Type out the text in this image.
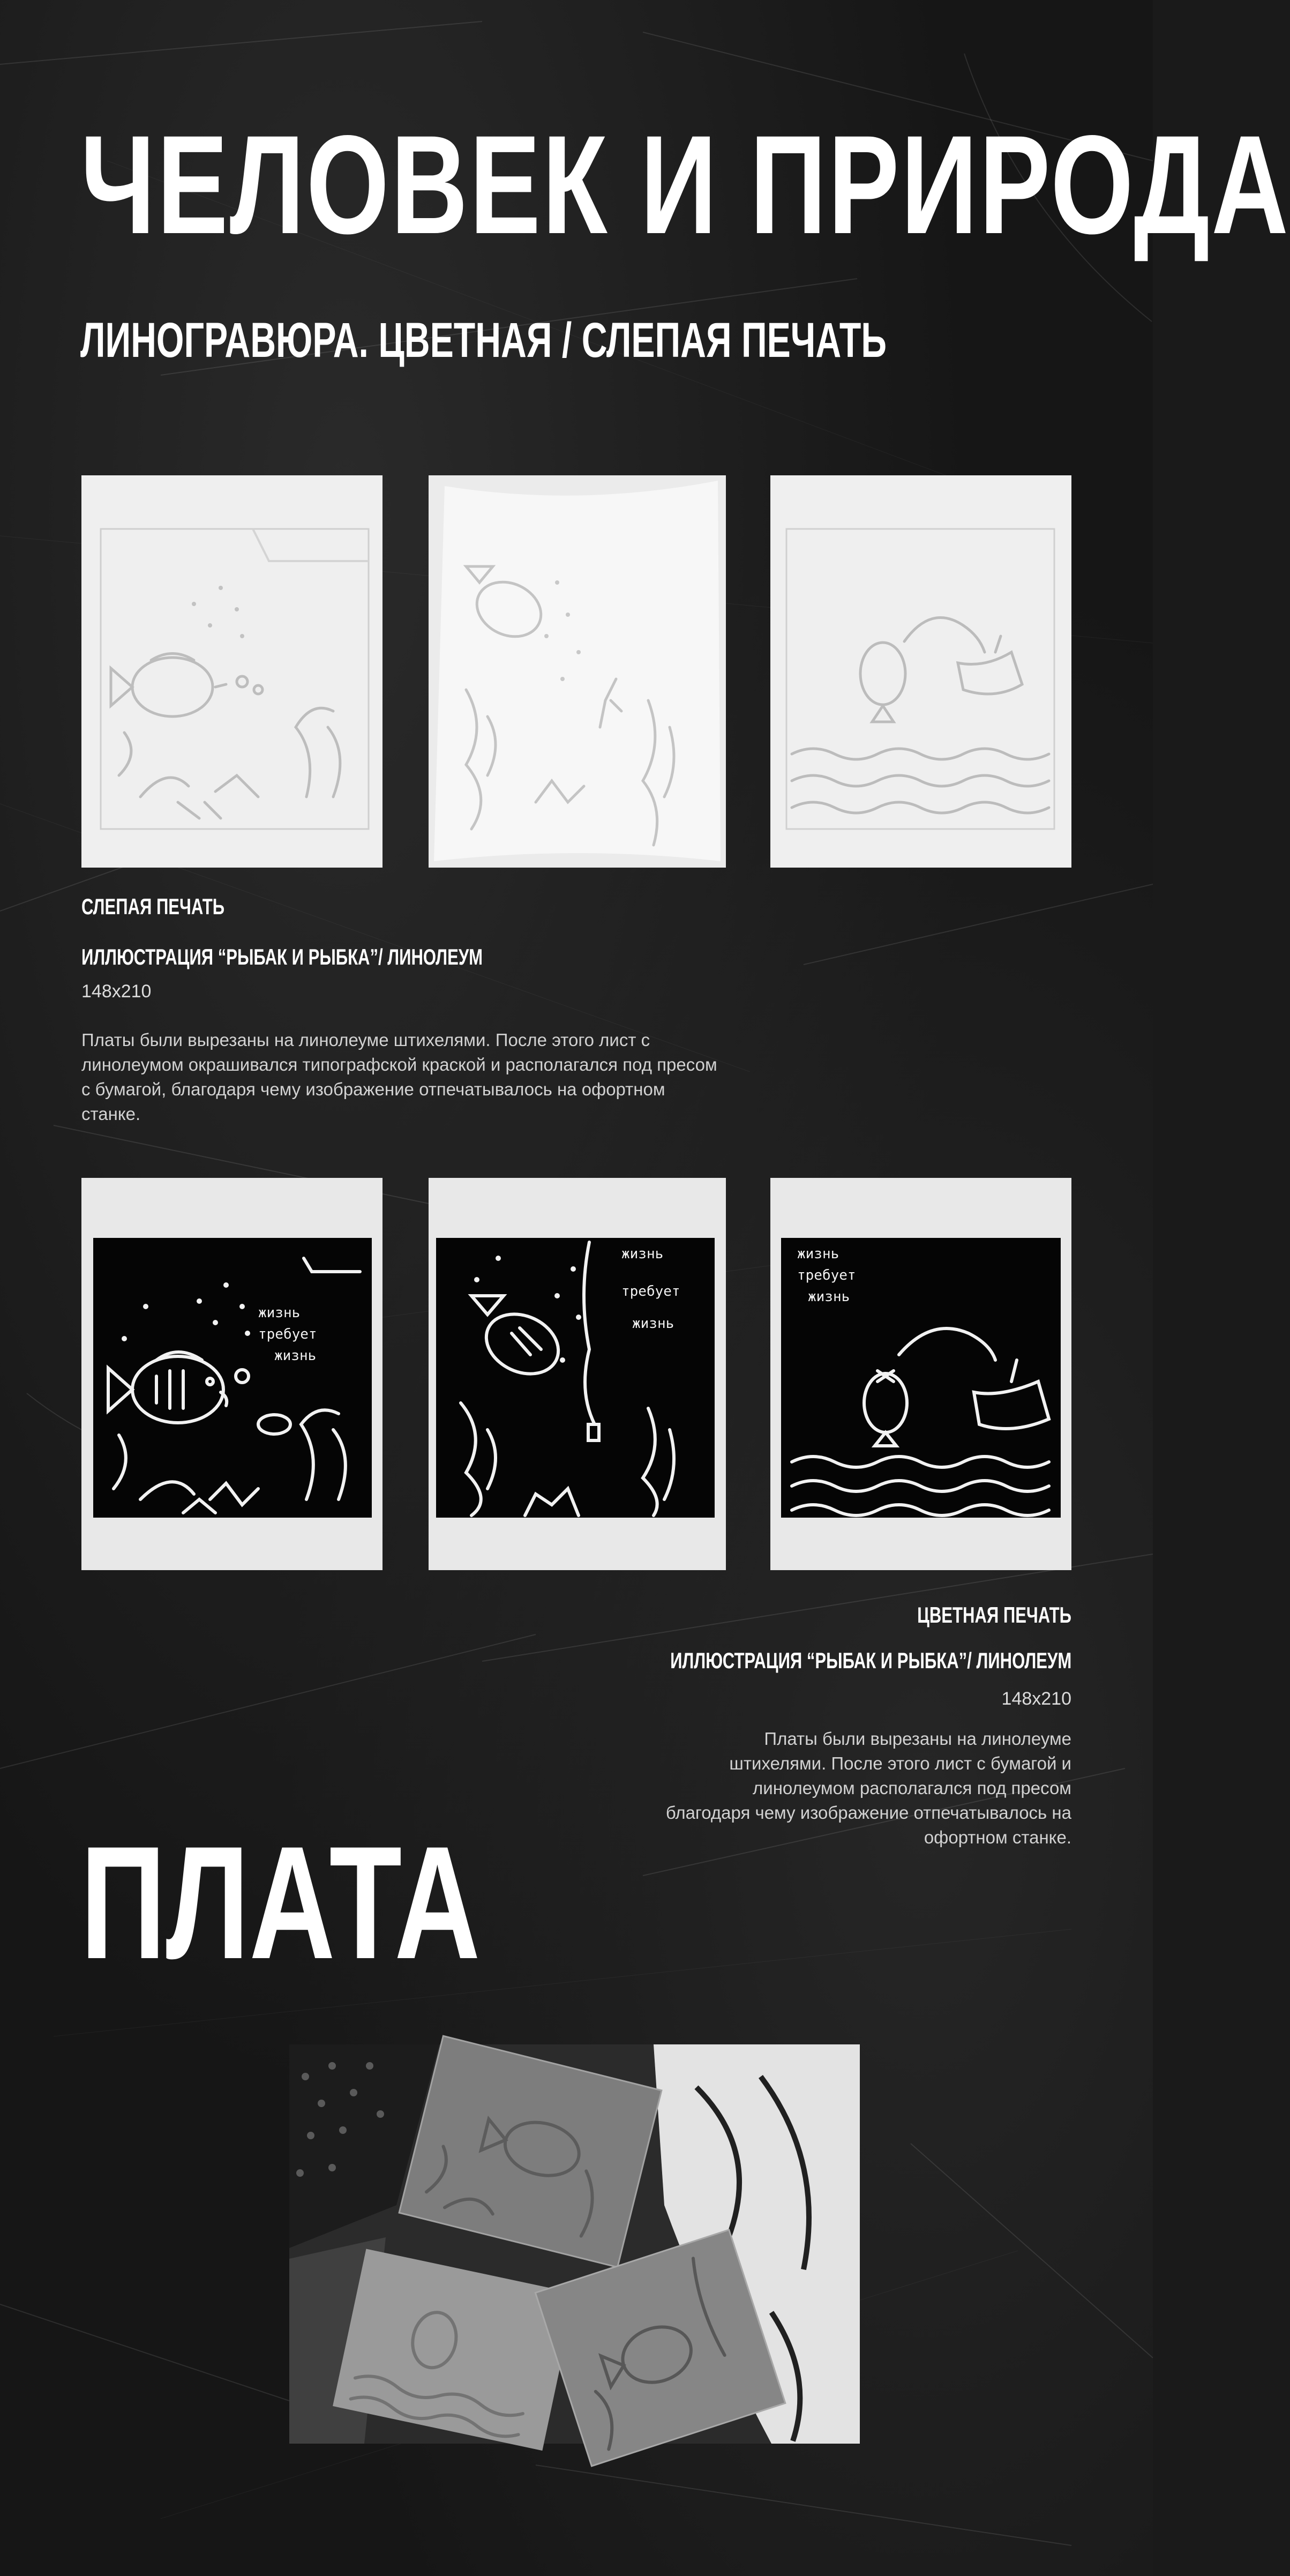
ЧЕЛОВЕК И ПРИРОДА
ЛИНОГРАВЮРА. ЦВЕТНАЯ / СЛЕПАЯ ПЕЧАТЬ
СЛЕПАЯ ПЕЧАТЬ
ИЛЛЮСТРАЦИЯ “РЫБАК И РЫБКА”/ ЛИНОЛЕУМ
148x210

Платы были вырезаны на линолеуме штихелями. После этого лист с линолеумом окрашивался типографской краской и располагался под пресом с бумагой, благодаря чему изображение отпечатывалось на офортном станке.

жизнь
требует
жизнь
жизнь
требует
жизнь
жизнь
требует
жизнь
ЦВЕТНАЯ ПЕЧАТЬ
ИЛЛЮСТРАЦИЯ “РЫБАК И РЫБКА”/ ЛИНОЛЕУМ
148x210

Платы были вырезаны на линолеуме штихелями. После этого лист с бумагой и линолеумом располагался под пресом благодаря чему изображение отпечатывалось на офортном станке.

ПЛАТА
